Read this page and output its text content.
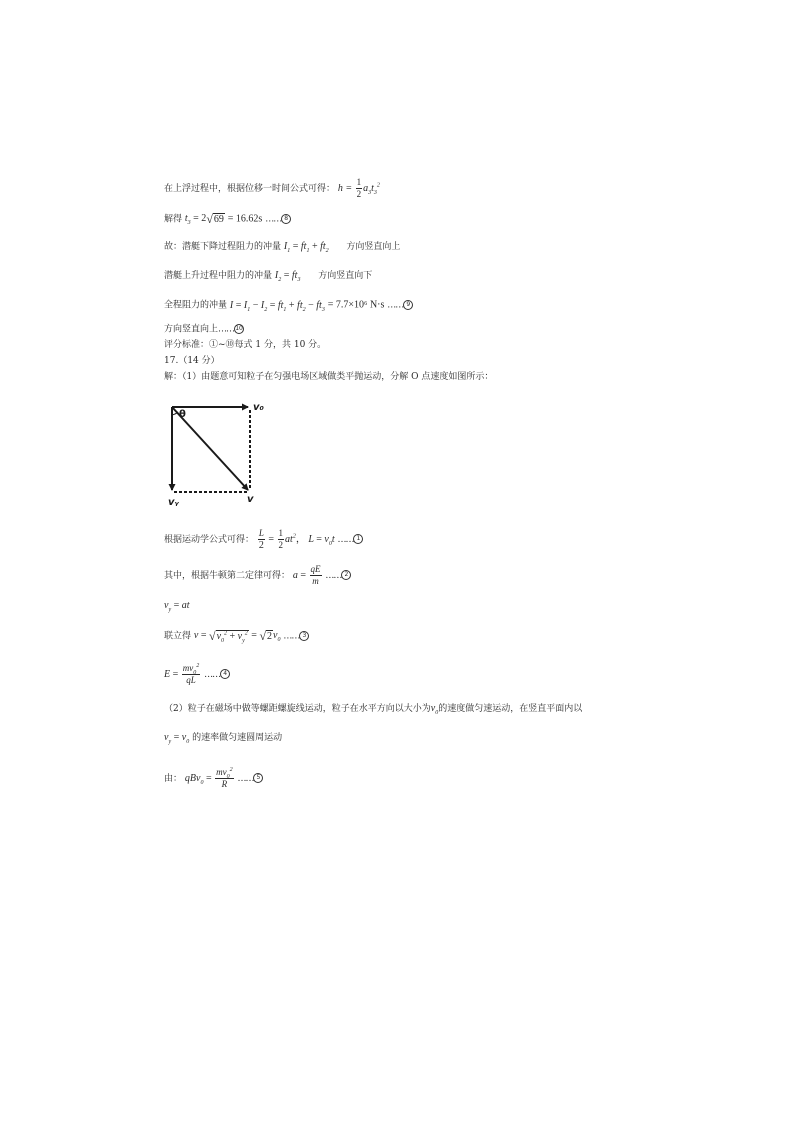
在上浮过程中，根据位移一时间公式可得： $h = \frac{1}{2} a_3t_3^2$
解得 $t_3 = 2√69 = 16.62s$ …… 8
故：潜艇下降过程阻力的冲量 $I_1 = ft_1 + ft_2$ 方向竖直向上
潜艇上升过程中阻力的冲量 $I_2 = ft_3$ 方向竖直向下
全程阻力的冲量 $I = I_1 - I_2 = ft_1 + ft_2 - ft_3 = 7.7\times 10^6$ N·s …… 9
方向竖直向上……10
评分标准：①~⑩每式 1 分，共 10 分。
17.（14 分）
解：（1）由题意可知粒子在匀强电场区域做类平抛运动，分解 O 点速度如图所示：
v₀
θ
vᵧ	v
根据运动学公式可得： $\frac{L}{2} = \frac{1}{2} at^2$， $L = v_0t$ …… 1
其中，根据牛顿第二定律可得： $a = \frac{qE}{m}$ …… 2
$v_y$ = at
联立得 $v = √v_0^2 + v_y^2 = √2v_0$ …… 3
$E = \frac{mv_0^2}{qL}$ …… 4
（2）粒子在磁场中做等螺距螺旋线运动，粒子在水平方向以大小为$v_0$的速度做匀速运动，在竖直平面内以
$v_y = v_0$ 的速率做匀速圆周运动
由： $qBv_0 = \frac{mv_0^2}{R}$ …… 5
